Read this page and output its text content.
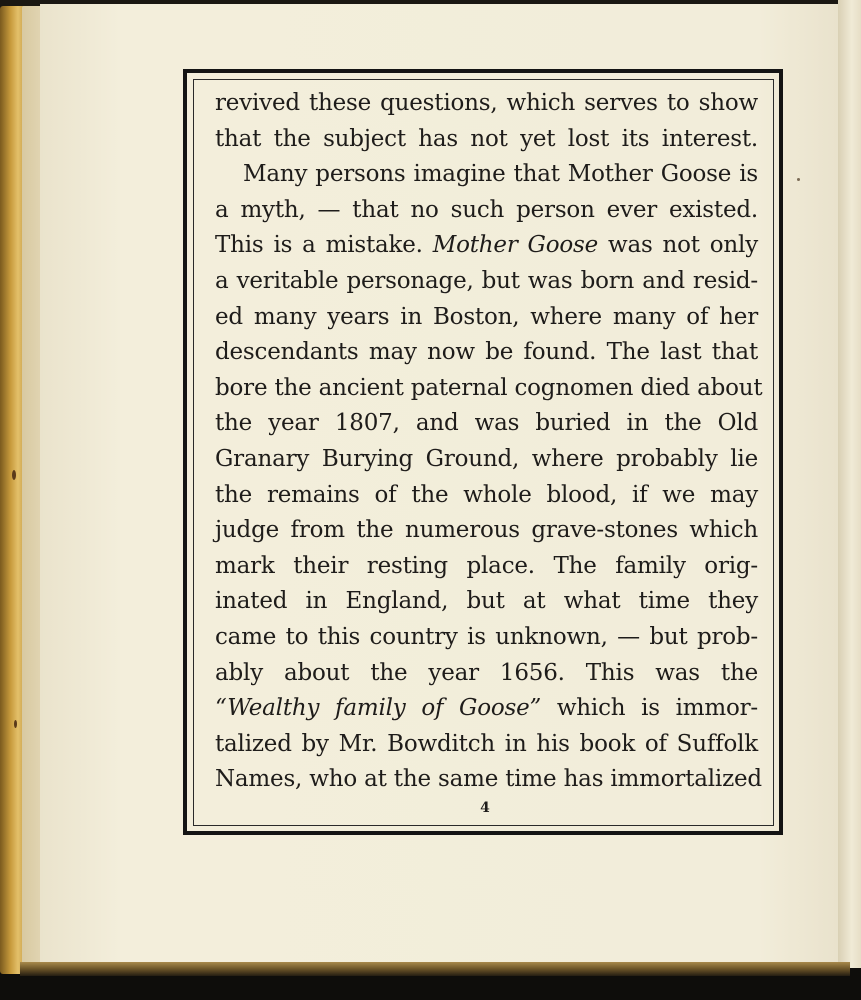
revived these questions, which serves to show
that the subject has not yet lost its interest.
Many persons imagine that Mother Goose is
a myth, — that no such person ever existed.
This is a mistake. Mother Goose was not only
a veritable personage, but was born and resid-
ed many years in Boston, where many of her
descendants may now be found. The last that
bore the ancient paternal cognomen died about
the year 1807, and was buried in the Old
Granary Burying Ground, where probably lie
the remains of the whole blood, if we may
judge from the numerous grave-stones which
mark their resting place. The family orig-
inated in England, but at what time they
came to this country is unknown, — but prob-
ably about the year 1656. This was the
“Wealthy family of Goose” which is immor-
talized by Mr. Bowditch in his book of Suffolk
Names, who at the same time has immortalized
4
